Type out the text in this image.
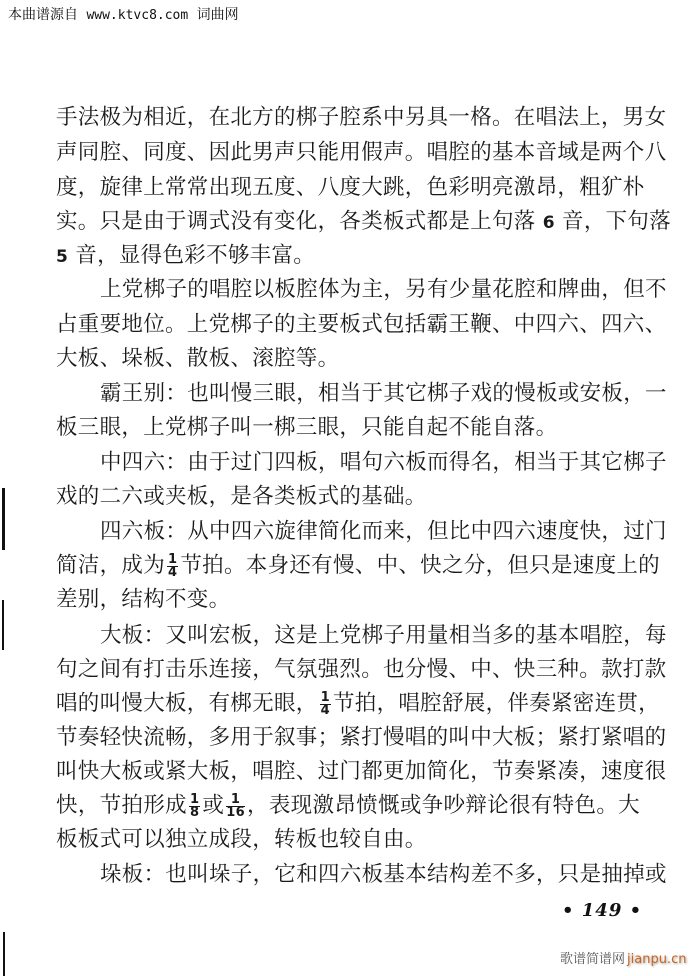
本曲谱源自 www.ktvc8.com 词曲网
手法极为相近，在北方的梆子腔系中另具一格。在唱法上，男女
声同腔、同度、因此男声只能用假声。唱腔的基本音域是两个八
度，旋律上常常出现五度、八度大跳，色彩明亮激昂，粗犷朴
实。只是由于调式没有变化，各类板式都是上句落 6 音，下句落
5 音，显得色彩不够丰富。
上党梆子的唱腔以板腔体为主，另有少量花腔和牌曲，但不
占重要地位。上党梆子的主要板式包括霸王鞭、中四六、四六、
大板、垛板、散板、滚腔等。
霸王别：也叫慢三眼，相当于其它梆子戏的慢板或安板，一
板三眼，上党梆子叫一梆三眼，只能自起不能自落。
中四六：由于过门四板，唱句六板而得名，相当于其它梆子
戏的二六或夹板，是各类板式的基础。
四六板：从中四六旋律简化而来，但比中四六速度快，过门
简洁，成为 $\frac{1}{4}$ 节拍。本身还有慢、中、快之分，但只是速度上的
差别，结构不变。
大板：又叫宏板，这是上党梆子用量相当多的基本唱腔，每
句之间有打击乐连接，气氛强烈。也分慢、中、快三种。款打款
唱的叫慢大板，有梆无眼， $\frac{1}{4}$ 节拍，唱腔舒展，伴奏紧密连贯，
节奏轻快流畅，多用于叙事；紧打慢唱的叫中大板；紧打紧唱的
叫快大板或紧大板，唱腔、过门都更加简化，节奏紧凑，速度很
快，节拍形成 $\frac{1}{8}$ 或 $\frac{1}{16}$ ，表现激昂愤慨或争吵辩论很有特色。大
板板式可以独立成段，转板也较自由。
垛板：也叫垛子，它和四六板基本结构差不多，只是抽掉或
• 149 •
歌谱简谱网 jianpu.cn
